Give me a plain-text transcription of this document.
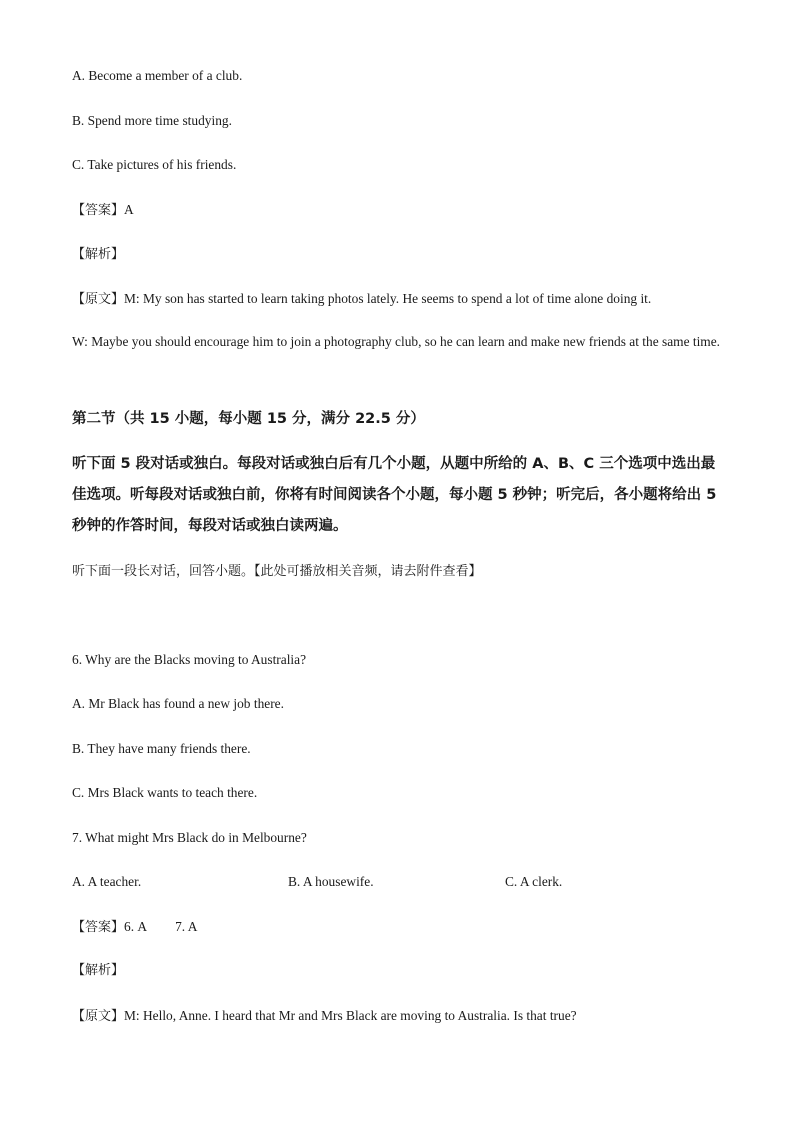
A. Become a member of a club.
B. Spend more time studying.
C. Take pictures of his friends.
【答案】A
【解析】
【原文】M: My son has started to learn taking photos lately. He seems to spend a lot of time alone doing it.
W: Maybe you should encourage him to join a photography club, so he can learn and make new friends at the same time.
第二节（共 15 小题，每小题 15 分，满分 22.5 分）
听下面 5 段对话或独白。每段对话或独白后有几个小题，从题中所给的 A、B、C 三个选项中选出最佳选项。听每段对话或独白前，你将有时间阅读各个小题，每小题 5 秒钟；听完后，各小题将给出 5 秒钟的作答时间，每段对话或独白读两遍。
听下面一段长对话，回答小题。【此处可播放相关音频，请去附件查看】
6. Why are the Blacks moving to Australia?
A. Mr Black has found a new job there.
B. They have many friends there.
C. Mrs Black wants to teach there.
7. What might Mrs Black do in Melbourne?
A. A teacher.	B. A housewife.	C. A clerk.
【答案】6. A 7. A
【解析】
【原文】M: Hello, Anne. I heard that Mr and Mrs Black are moving to Australia. Is that true?
